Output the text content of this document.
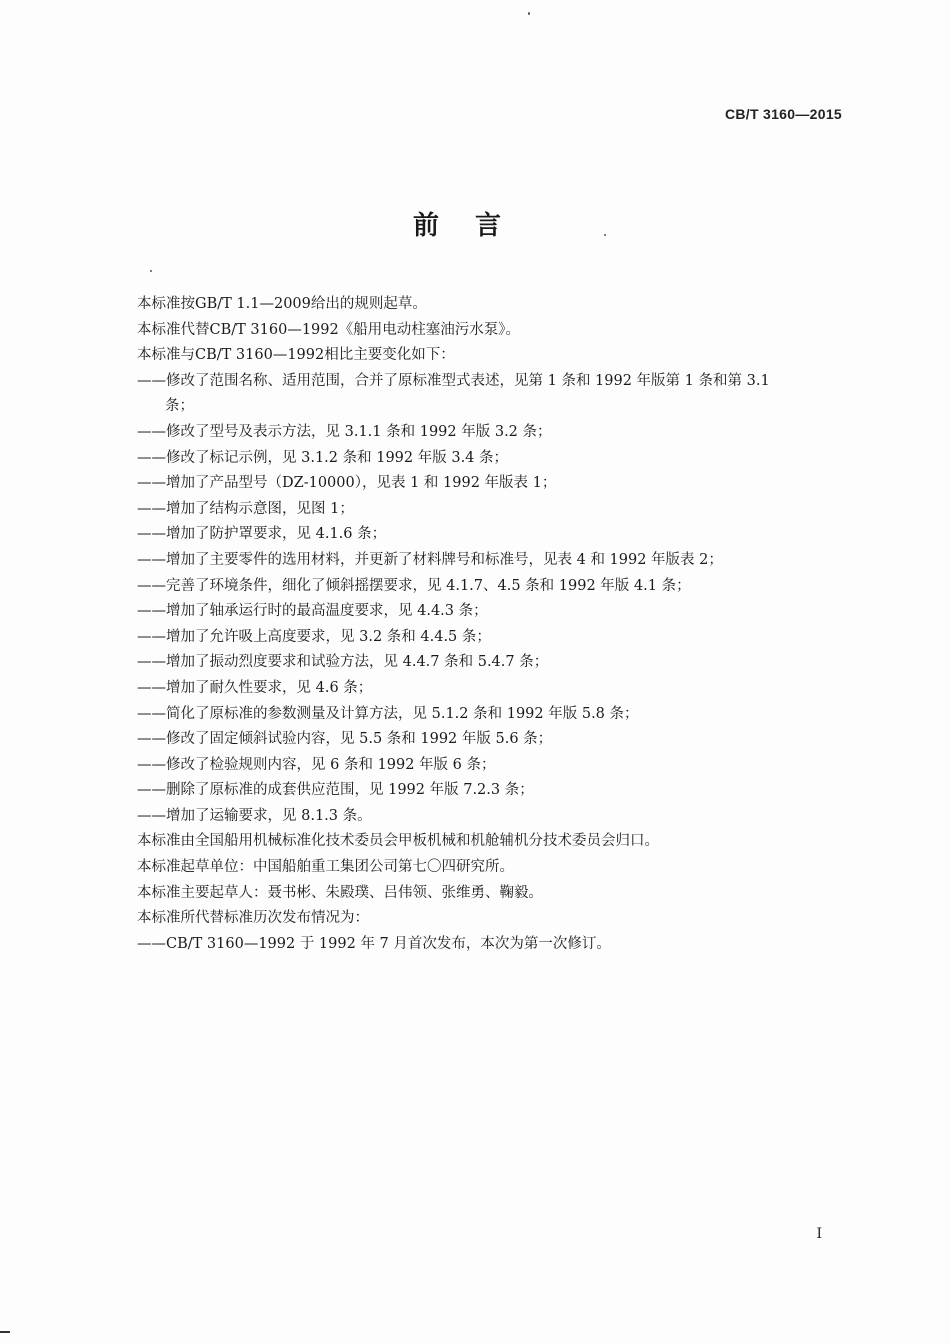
CB/T 3160—2015
前言
本标准按GB/T 1.1—2009给出的规则起草。
本标准代替CB/T 3160—1992《船用电动柱塞油污水泵》。
本标准与CB/T 3160—1992相比主要变化如下：
——修改了范围名称、适用范围，合并了原标准型式表述，见第 1 条和 1992 年版第 1 条和第 3.1
条；
——修改了型号及表示方法，见 3.1.1 条和 1992 年版 3.2 条；
——修改了标记示例，见 3.1.2 条和 1992 年版 3.4 条；
——增加了产品型号（DZ-10000），见表 1 和 1992 年版表 1；
——增加了结构示意图，见图 1；
——增加了防护罩要求，见 4.1.6 条；
——增加了主要零件的选用材料，并更新了材料牌号和标准号，见表 4 和 1992 年版表 2；
——完善了环境条件，细化了倾斜摇摆要求，见 4.1.7、4.5 条和 1992 年版 4.1 条；
——增加了轴承运行时的最高温度要求，见 4.4.3 条；
——增加了允许吸上高度要求，见 3.2 条和 4.4.5 条；
——增加了振动烈度要求和试验方法，见 4.4.7 条和 5.4.7 条；
——增加了耐久性要求，见 4.6 条；
——简化了原标准的参数测量及计算方法，见 5.1.2 条和 1992 年版 5.8 条；
——修改了固定倾斜试验内容，见 5.5 条和 1992 年版 5.6 条；
——修改了检验规则内容，见 6 条和 1992 年版 6 条；
——删除了原标准的成套供应范围，见 1992 年版 7.2.3 条；
——增加了运输要求，见 8.1.3 条。
本标准由全国船用机械标准化技术委员会甲板机械和机舱辅机分技术委员会归口。
本标准起草单位：中国船舶重工集团公司第七〇四研究所。
本标准主要起草人：聂书彬、朱殿璞、吕伟领、张维勇、鞠毅。
本标准所代替标准历次发布情况为：
——CB/T 3160—1992 于 1992 年 7 月首次发布，本次为第一次修订。
I
